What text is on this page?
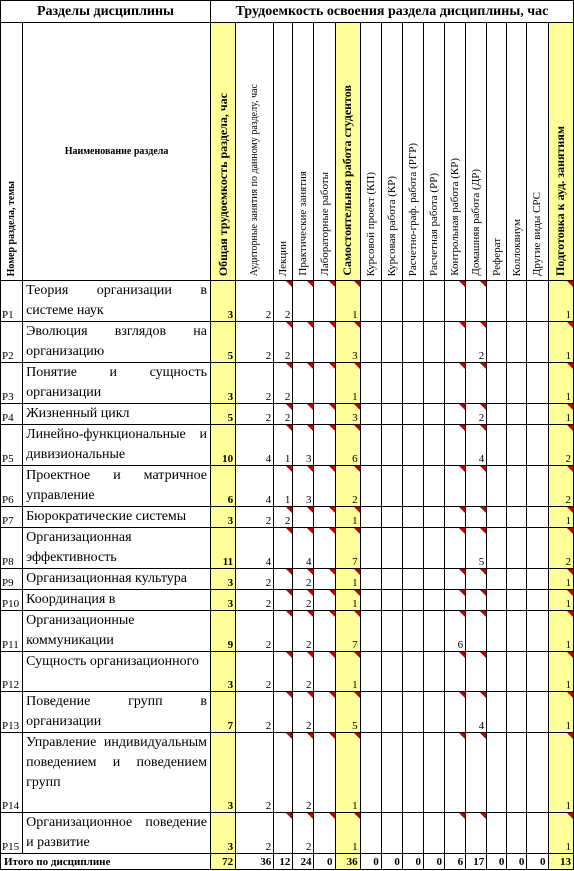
Разделы дисциплины		Трудоемкость освоения раздела дисциплины, час															

Номер раздела, темы	Наименование раздела	Общая трудоемкость раздела, час	Аудиторные занятия по данному разделу, час	Лекции	Практические занятия	Лабораторные работы	Самостоятельная работа студентов	Курсовой проект (КП)	Курсовая работа (КР)	Расчетно-граф. работа (РГР)	Расчетная работа (РР)	Контрольная работа (КР)	Домашняя работа (ДР)	Реферат	Коллоквиум	Другие виды СРС	Подготовка к ауд. занятиям

P1	Теория организации в системе наук	3	2	2			1										1
P2	Эволюция взглядов на организацию	5	2	2			3						2				1
P3	Понятие и сущность организации	3	2	2			1										1
P4	Жизненный цикл	5	2	2			3						2				1
P5	Линейно-функциональные и дивизиональные	10	4	1	3		6						4				2
P6	Проектное и матричное управление	6	4	1	3		2										2
P7	Бюрократические системы	3	2	2			1										1
P8	Организационная эффективность	11	4		4		7						5				2
P9	Организационная культура	3	2		2		1										1
P10	Координация в	3	2		2		1										1
P11	Организационные коммуникации	9	2		2		7					6					1
P12	Сущность организационного	3	2		2		1										1
P13	Поведение групп в организации	7	2		2		5						4				1
P14	Управление индивидуальным поведением и поведением групп	3	2		2		1										1
P15	Организационное поведение и развитие	3	2		2		1										1
Итого по дисциплине		72	36	12	24	0	36	0	0	0	0	6	17	0	0	0	13
